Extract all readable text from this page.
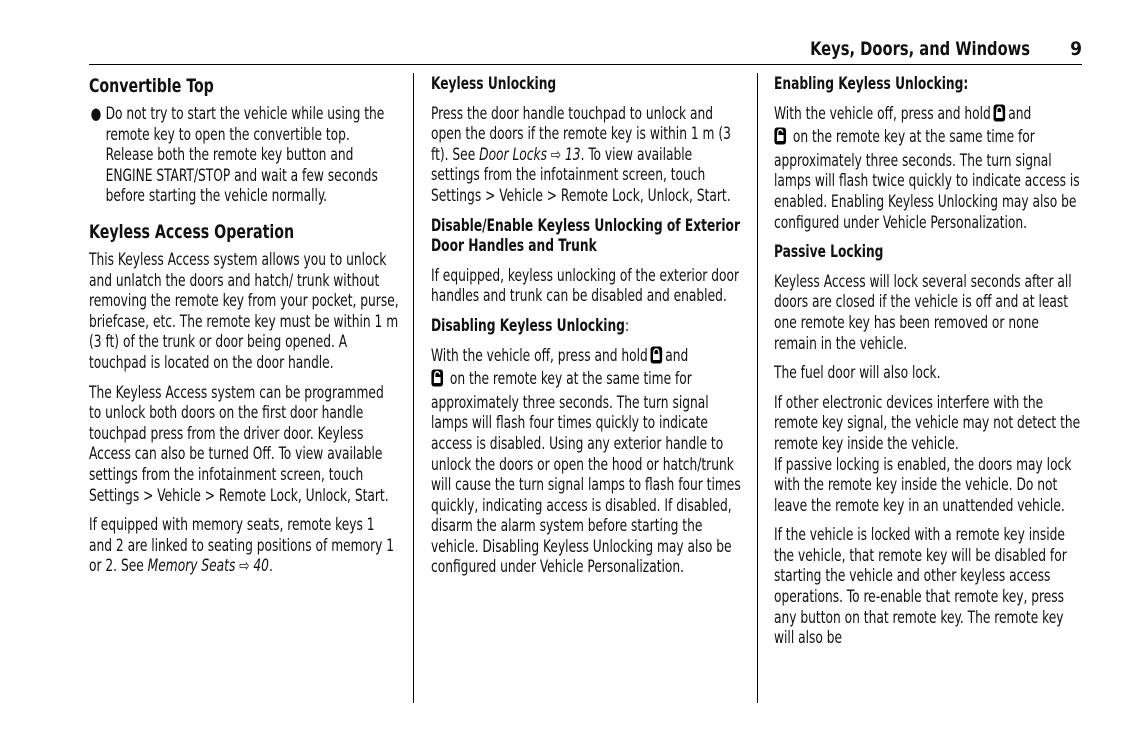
Keys, Doors, and Windows	9
Convertible Top
● Do not try to start the vehicle while using the remote key to open the convertible top. Release both the remote key button and ENGINE START/STOP and wait a few seconds before starting the vehicle normally.
Keyless Access Operation

This Keyless Access system allows you to unlock and unlatch the doors and hatch/ trunk without removing the remote key from your pocket, purse, briefcase, etc. The remote key must be within 1 m (3 ft) of the trunk or door being opened. A touchpad is located on the door handle.

The Keyless Access system can be programmed to unlock both doors on the first door handle touchpad press from the driver door. Keyless Access can also be turned Off. To view available settings from the infotainment screen, touch Settings > Vehicle > Remote Lock, Unlock, Start.

If equipped with memory seats, remote keys 1 and 2 are linked to seating positions of memory 1 or 2. See Memory Seats ⇨ 40.

Keyless Unlocking

Press the door handle touchpad to unlock and open the doors if the remote key is within 1 m (3 ft). See Door Locks ⇨ 13. To view available settings from the infotainment screen, touch Settings > Vehicle > Remote Lock, Unlock, Start.

Disable/Enable Keyless Unlocking of Exterior Door Handles and Trunk

If equipped, keyless unlocking of the exterior door handles and trunk can be disabled and enabled.

Disabling Keyless Unlocking:

With the vehicle off, press and hold and
on the remote key at the same time for approximately three seconds. The turn signal lamps will flash four times quickly to indicate access is disabled. Using any exterior handle to unlock the doors or open the hood or hatch/trunk will cause the turn signal lamps to flash four times quickly, indicating access is disabled. If disabled, disarm the alarm system before starting the vehicle. Disabling Keyless Unlocking may also be configured under Vehicle Personalization.

Enabling Keyless Unlocking:

With the vehicle off, press and hold and
on the remote key at the same time for approximately three seconds. The turn signal lamps will flash twice quickly to indicate access is enabled. Enabling Keyless Unlocking may also be configured under Vehicle Personalization.

Passive Locking

Keyless Access will lock several seconds after all doors are closed if the vehicle is off and at least one remote key has been removed or none remain in the vehicle.

The fuel door will also lock.

If other electronic devices interfere with the remote key signal, the vehicle may not detect the remote key inside the vehicle.
If passive locking is enabled, the doors may lock with the remote key inside the vehicle. Do not leave the remote key in an unattended vehicle.

If the vehicle is locked with a remote key inside the vehicle, that remote key will be disabled for starting the vehicle and other keyless access operations. To re-enable that remote key, press any button on that remote key. The remote key will also be
